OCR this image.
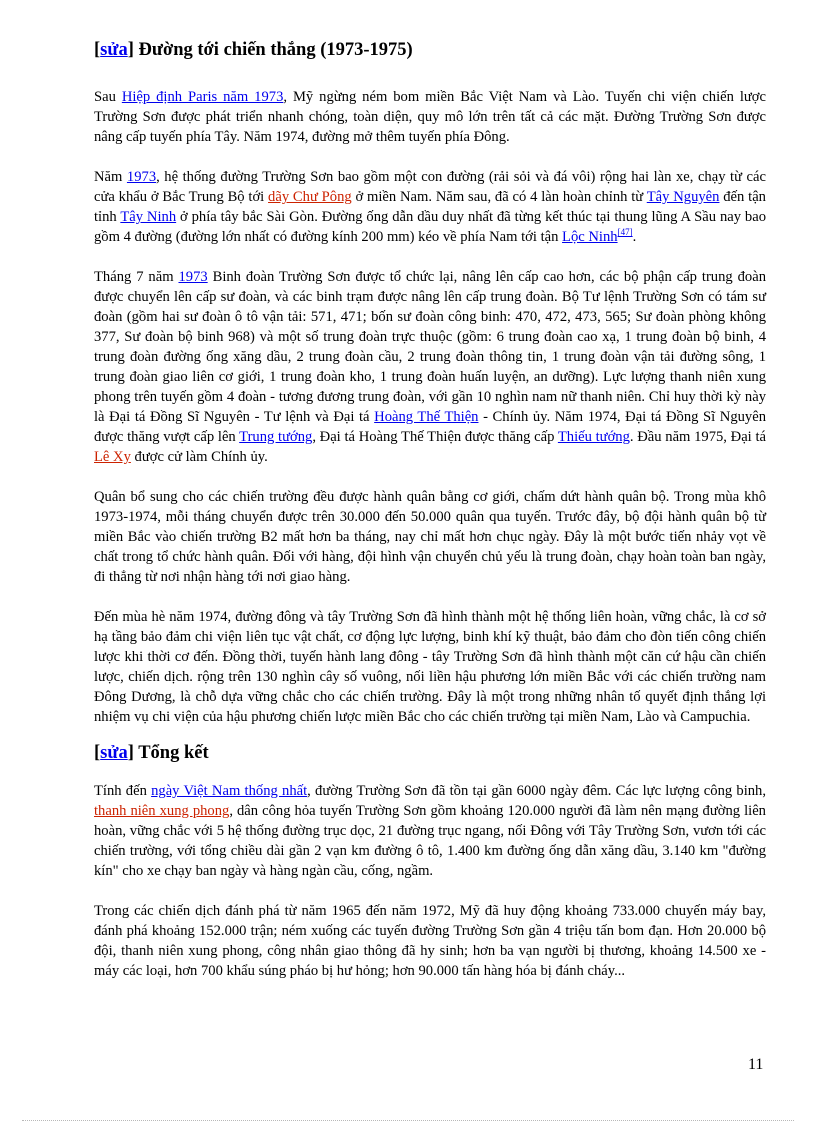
[sửa] Đường tới chiến thắng (1973-1975)

Sau Hiệp định Paris năm 1973, Mỹ ngừng ném bom miền Bắc Việt Nam và Lào. Tuyến chi viện chiến lược Trường Sơn được phát triển nhanh chóng, toàn diện, quy mô lớn trên tất cả các mặt. Đường Trường Sơn được nâng cấp tuyến phía Tây. Năm 1974, đường mở thêm tuyến phía Đông.

Năm 1973, hệ thống đường Trường Sơn bao gồm một con đường (rải sỏi và đá vôi) rộng hai làn xe, chạy từ các cửa khẩu ở Bắc Trung Bộ tới dãy Chư Pông ở miền Nam. Năm sau, đã có 4 làn hoàn chỉnh từ Tây Nguyên đến tận tỉnh Tây Ninh ở phía tây bắc Sài Gòn. Đường ống dẫn dầu duy nhất đã từng kết thúc tại thung lũng A Sầu nay bao gồm 4 đường (đường lớn nhất có đường kính 200 mm) kéo về phía Nam tới tận Lộc Ninh[47].

Tháng 7 năm 1973 Binh đoàn Trường Sơn được tổ chức lại, nâng lên cấp cao hơn, các bộ phận cấp trung đoàn được chuyển lên cấp sư đoàn, và các binh trạm được nâng lên cấp trung đoàn. Bộ Tư lệnh Trường Sơn có tám sư đoàn (gồm hai sư đoàn ô tô vận tải: 571, 471; bốn sư đoàn công binh: 470, 472, 473, 565; Sư đoàn phòng không 377, Sư đoàn bộ binh 968) và một số trung đoàn trực thuộc (gồm: 6 trung đoàn cao xạ, 1 trung đoàn bộ binh, 4 trung đoàn đường ống xăng dầu, 2 trung đoàn cầu, 2 trung đoàn thông tin, 1 trung đoàn vận tải đường sông, 1 trung đoàn giao liên cơ giới, 1 trung đoàn kho, 1 trung đoàn huấn luyện, an dưỡng). Lực lượng thanh niên xung phong trên tuyến gồm 4 đoàn - tương đương trung đoàn, với gần 10 nghìn nam nữ thanh niên. Chỉ huy thời kỳ này là Đại tá Đồng Sĩ Nguyên - Tư lệnh và Đại tá Hoàng Thế Thiện - Chính ủy. Năm 1974, Đại tá Đồng Sĩ Nguyên được thăng vượt cấp lên Trung tướng, Đại tá Hoàng Thế Thiện được thăng cấp Thiếu tướng. Đầu năm 1975, Đại tá Lê Xy được cử làm Chính ủy.

Quân bổ sung cho các chiến trường đều được hành quân bằng cơ giới, chấm dứt hành quân bộ. Trong mùa khô 1973-1974, mỗi tháng chuyển được trên 30.000 đến 50.000 quân qua tuyến. Trước đây, bộ đội hành quân bộ từ miền Bắc vào chiến trường B2 mất hơn ba tháng, nay chỉ mất hơn chục ngày. Đây là một bước tiến nhảy vọt về chất trong tổ chức hành quân. Đối với hàng, đội hình vận chuyển chủ yếu là trung đoàn, chạy hoàn toàn ban ngày, đi thẳng từ nơi nhận hàng tới nơi giao hàng.

Đến mùa hè năm 1974, đường đông và tây Trường Sơn đã hình thành một hệ thống liên hoàn, vững chắc, là cơ sở hạ tầng bảo đảm chi viện liên tục vật chất, cơ động lực lượng, binh khí kỹ thuật, bảo đảm cho đòn tiến công chiến lược khi thời cơ đến. Đồng thời, tuyến hành lang đông - tây Trường Sơn đã hình thành một căn cứ hậu cần chiến lược, chiến dịch. rộng trên 130 nghìn cây số vuông, nối liền hậu phương lớn miền Bắc với các chiến trường nam Đông Dương, là chỗ dựa vững chắc cho các chiến trường. Đây là một trong những nhân tố quyết định thắng lợi nhiệm vụ chi viện của hậu phương chiến lược miền Bắc cho các chiến trường tại miền Nam, Lào và Campuchia.

[sửa] Tổng kết

Tính đến ngày Việt Nam thống nhất, đường Trường Sơn đã tồn tại gần 6000 ngày đêm. Các lực lượng công binh, thanh niên xung phong, dân công hỏa tuyến Trường Sơn gồm khoảng 120.000 người đã làm nên mạng đường liên hoàn, vững chắc với 5 hệ thống đường trục dọc, 21 đường trục ngang, nối Đông với Tây Trường Sơn, vươn tới các chiến trường, với tổng chiều dài gần 2 vạn km đường ô tô, 1.400 km đường ống dẫn xăng dầu, 3.140 km "đường kín" cho xe chạy ban ngày và hàng ngàn cầu, cống, ngầm.

Trong các chiến dịch đánh phá từ năm 1965 đến năm 1972, Mỹ đã huy động khoảng 733.000 chuyến máy bay, đánh phá khoảng 152.000 trận; ném xuống các tuyến đường Trường Sơn gần 4 triệu tấn bom đạn. Hơn 20.000 bộ đội, thanh niên xung phong, công nhân giao thông đã hy sinh; hơn ba vạn người bị thương, khoảng 14.500 xe - máy các loại, hơn 700 khẩu súng pháo bị hư hỏng; hơn 90.000 tấn hàng hóa bị đánh cháy...

11
